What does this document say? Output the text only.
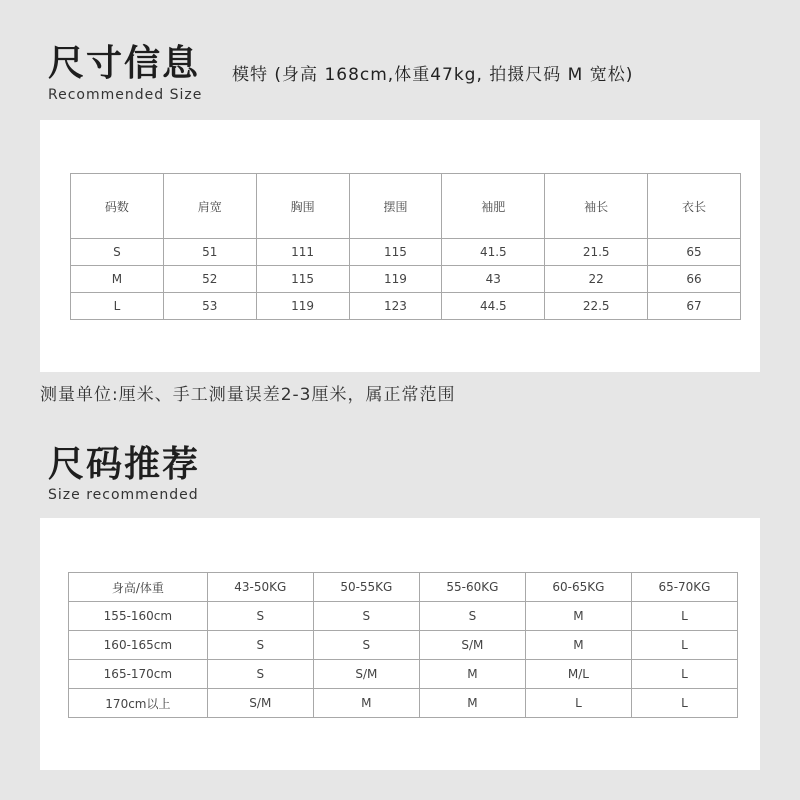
尺寸信息
Recommended Size
模特 (身高 168cm,体重47kg, 拍摄尺码 M 宽松)
码数	肩宽	胸围	摆围	袖肥	袖长	衣长
S	51	111	115	41.5	21.5	65
M	52	115	119	43	22	66
L	53	119	123	44.5	22.5	67
测量单位:厘米、手工测量误差2-3厘米，属正常范围
尺码推荐
Size recommended
身高/体重	43-50KG	50-55KG	55-60KG	60-65KG	65-70KG
155-160cm	S	S	S	M	L
160-165cm	S	S	S/M	M	L
165-170cm	S	S/M	M	M/L	L
170cm以上	S/M	M	M	L	L
